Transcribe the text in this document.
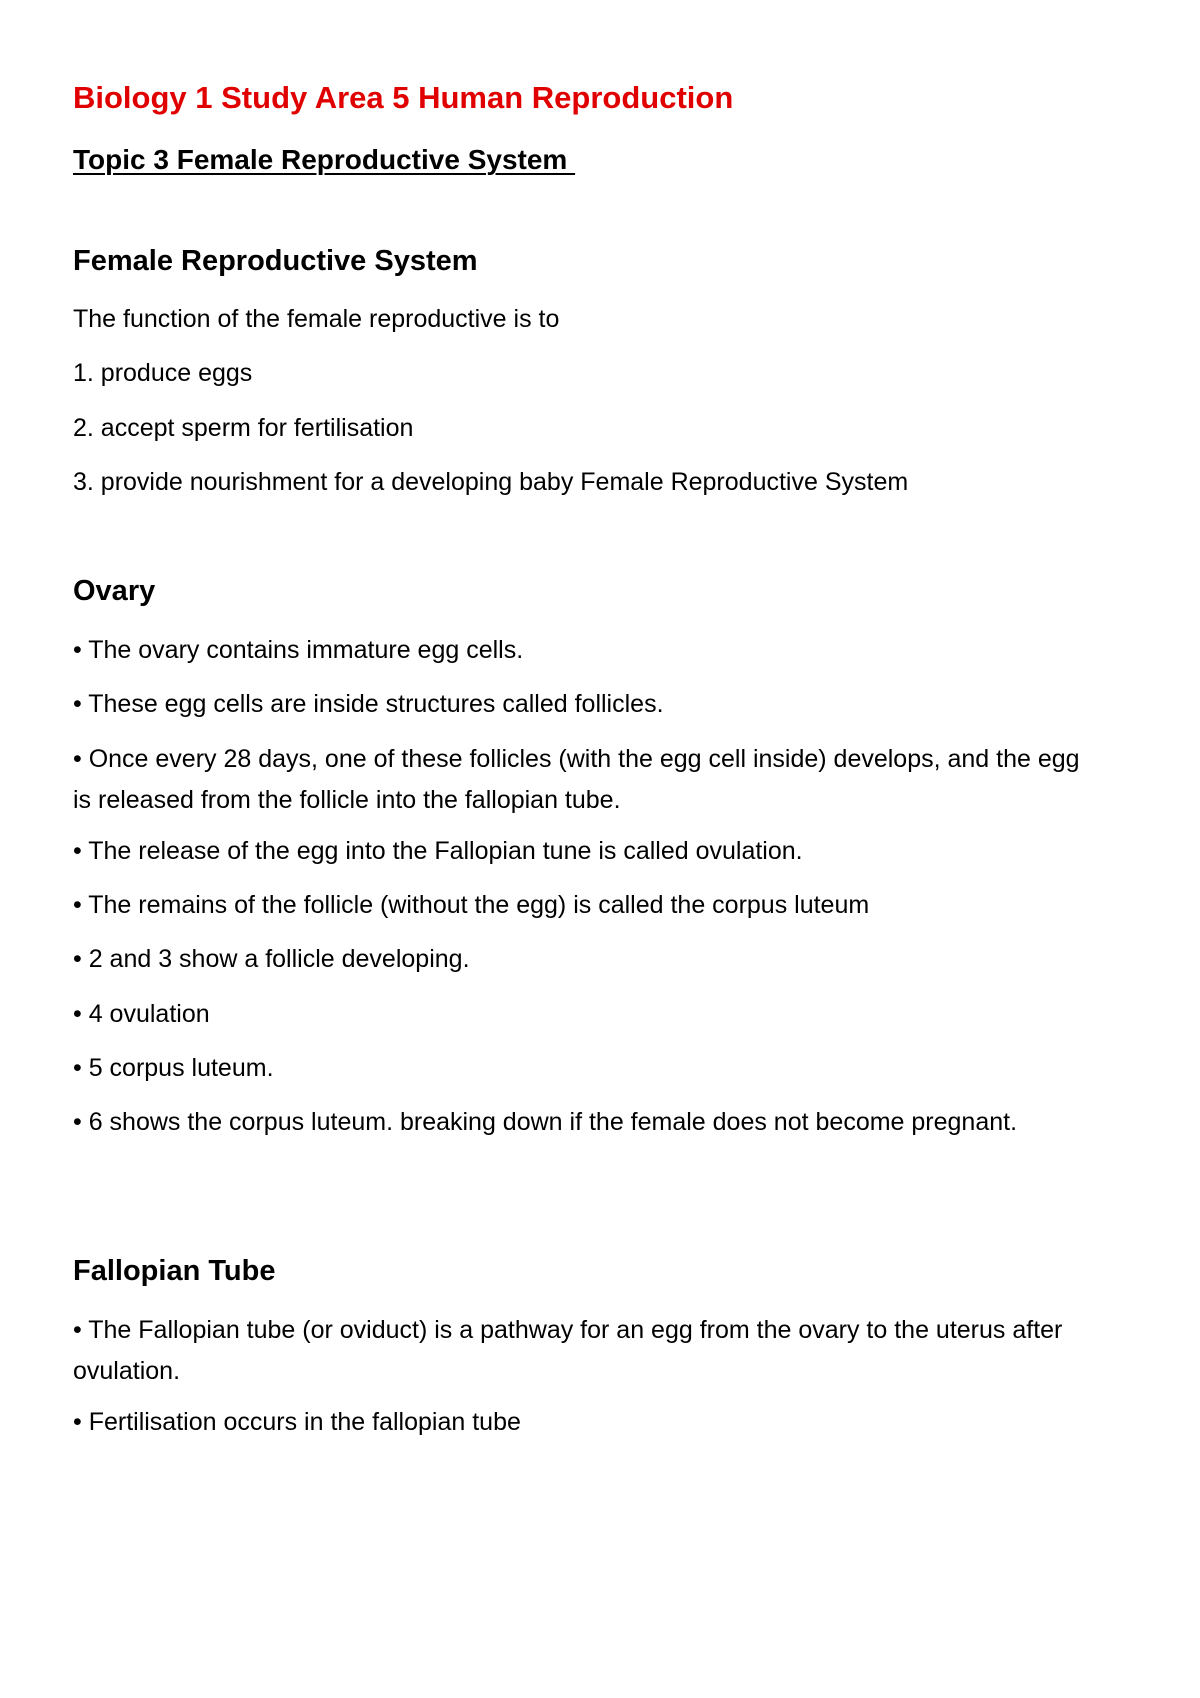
Biology 1 Study Area 5 Human Reproduction
Topic 3 Female Reproductive System
Female Reproductive System

The function of the female reproductive is to

1. produce eggs

2. accept sperm for fertilisation

3. provide nourishment for a developing baby Female Reproductive System

Ovary

• The ovary contains immature egg cells.

• These egg cells are inside structures called follicles.

• Once every 28 days, one of these follicles (with the egg cell inside) develops, and the egg is released from the follicle into the fallopian tube.

• The release of the egg into the Fallopian tune is called ovulation.

• The remains of the follicle (without the egg) is called the corpus luteum

• 2 and 3 show a follicle developing.

• 4 ovulation

• 5 corpus luteum.

• 6 shows the corpus luteum. breaking down if the female does not become pregnant.

Fallopian Tube

• The Fallopian tube (or oviduct) is a pathway for an egg from the ovary to the uterus after ovulation.

• Fertilisation occurs in the fallopian tube
